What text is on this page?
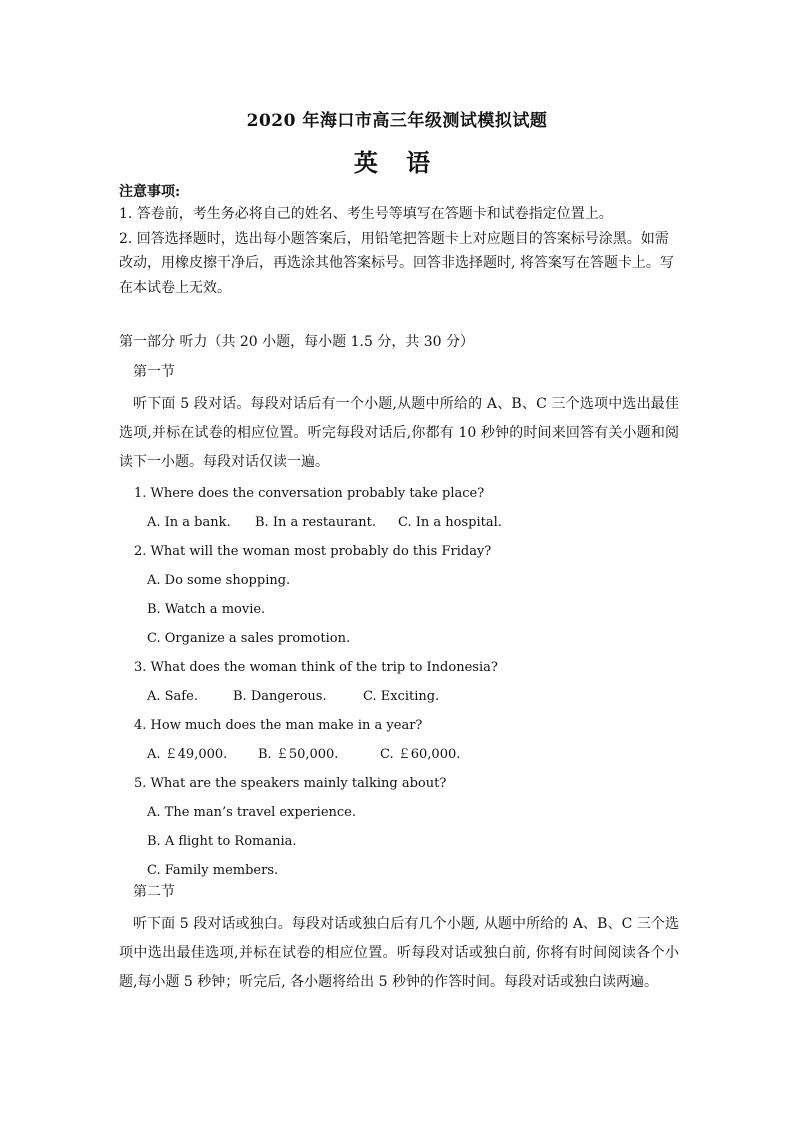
2020 年海口市高三年级测试模拟试题
英 语
注意事项:
1. 答卷前，考生务必将自己的姓名、考生号等填写在答题卡和试卷指定位置上。
2. 回答选择题时，选出每小题答案后，用铅笔把答题卡上对应题目的答案标号涂黑。如需改动，用橡皮擦干净后，再选涂其他答案标号。回答非选择题时, 将答案写在答题卡上。写在本试卷上无效。
第一部分 听力（共 20 小题，每小题 1.5 分，共 30 分）
第一节
听下面 5 段对话。每段对话后有一个小题,从题中所给的 A、B、C 三个选项中选出最佳选项,并标在试卷的相应位置。听完每段对话后,你都有 10 秒钟的时间来回答有关小题和阅读下一小题。每段对话仅读一遍。
1. Where does the conversation probably take place?
A. In a bank. B. In a restaurant. C. In a hospital.
2. What will the woman most probably do this Friday?
A. Do some shopping.
B. Watch a movie.
C. Organize a sales promotion.
3. What does the woman think of the trip to Indonesia?
A. Safe.	B. Dangerous.	C. Exciting.
4. How much does the man make in a year?
A. ￡49,000. B. ￡50,000.	C. ￡60,000.
5. What are the speakers mainly talking about?
A. The man’s travel experience.
B. A flight to Romania.
C. Family members.
第二节
听下面 5 段对话或独白。每段对话或独白后有几个小题, 从题中所给的 A、B、C 三个选项中选出最佳选项,并标在试卷的相应位置。听每段对话或独白前, 你将有时间阅读各个小题,每小题 5 秒钟；听完后, 各小题将给出 5 秒钟的作答时间。每段对话或独白读两遍。
